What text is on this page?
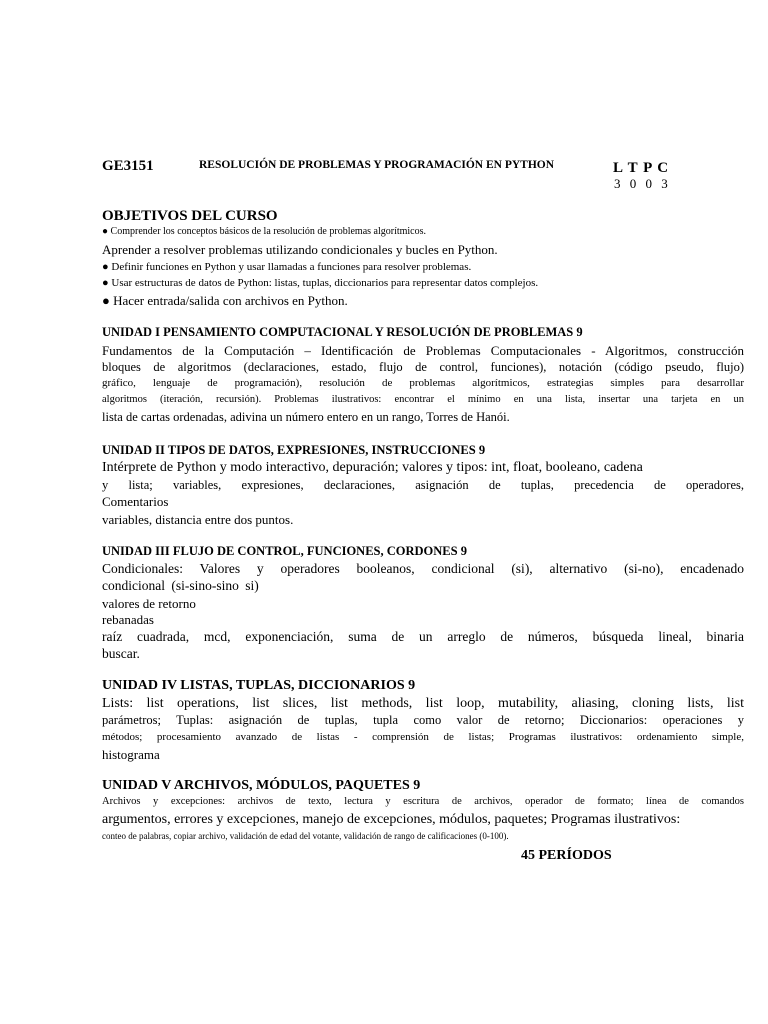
GE3151	RESOLUCIÓN DE PROBLEMAS Y PROGRAMACIÓN EN PYTHON	L T P C
3 0 0 3
OBJETIVOS DEL CURSO
● Comprender los conceptos básicos de la resolución de problemas algorítmicos.
Aprender a resolver problemas utilizando condicionales y bucles en Python.
● Definir funciones en Python y usar llamadas a funciones para resolver problemas.
● Usar estructuras de datos de Python: listas, tuplas, diccionarios para representar datos complejos.
● Hacer entrada/salida con archivos en Python.
UNIDAD I PENSAMIENTO COMPUTACIONAL Y RESOLUCIÓN DE PROBLEMAS 9
Fundamentos de la Computación – Identificación de Problemas Computacionales - Algoritmos, construcción
bloques de algoritmos (declaraciones, estado, flujo de control, funciones), notación (código pseudo, flujo)
gráfico, lenguaje de programación), resolución de problemas algorítmicos, estrategias simples para desarrollar
algoritmos (iteración, recursión). Problemas ilustrativos: encontrar el mínimo en una lista, insertar una tarjeta en un
lista de cartas ordenadas, adivina un número entero en un rango, Torres de Hanói.
UNIDAD II TIPOS DE DATOS, EXPRESIONES, INSTRUCCIONES 9
Intérprete de Python y modo interactivo, depuración; valores y tipos: int, float, booleano, cadena
y lista; variables, expresiones, declaraciones, asignación de tuplas, precedencia de operadores,
Comentarios
variables, distancia entre dos puntos.
UNIDAD III FLUJO DE CONTROL, FUNCIONES, CORDONES 9
Condicionales: Valores y operadores booleanos, condicional (si), alternativo (si-no), encadenado
condicional (si-sino-sino si)
valores de retorno
rebanadas
raíz cuadrada, mcd, exponenciación, suma de un arreglo de números, búsqueda lineal, binaria
buscar.
UNIDAD IV LISTAS, TUPLAS, DICCIONARIOS 9
Lists: list operations, list slices, list methods, list loop, mutability, aliasing, cloning lists, list
parámetros; Tuplas: asignación de tuplas, tupla como valor de retorno; Diccionarios: operaciones y
métodos; procesamiento avanzado de listas - comprensión de listas; Programas ilustrativos: ordenamiento simple,
histograma
UNIDAD V ARCHIVOS, MÓDULOS, PAQUETES 9
Archivos y excepciones: archivos de texto, lectura y escritura de archivos, operador de formato; línea de comandos
argumentos, errores y excepciones, manejo de excepciones, módulos, paquetes; Programas ilustrativos:
conteo de palabras, copiar archivo, validación de edad del votante, validación de rango de calificaciones (0-100).
45 PERÍODOS
